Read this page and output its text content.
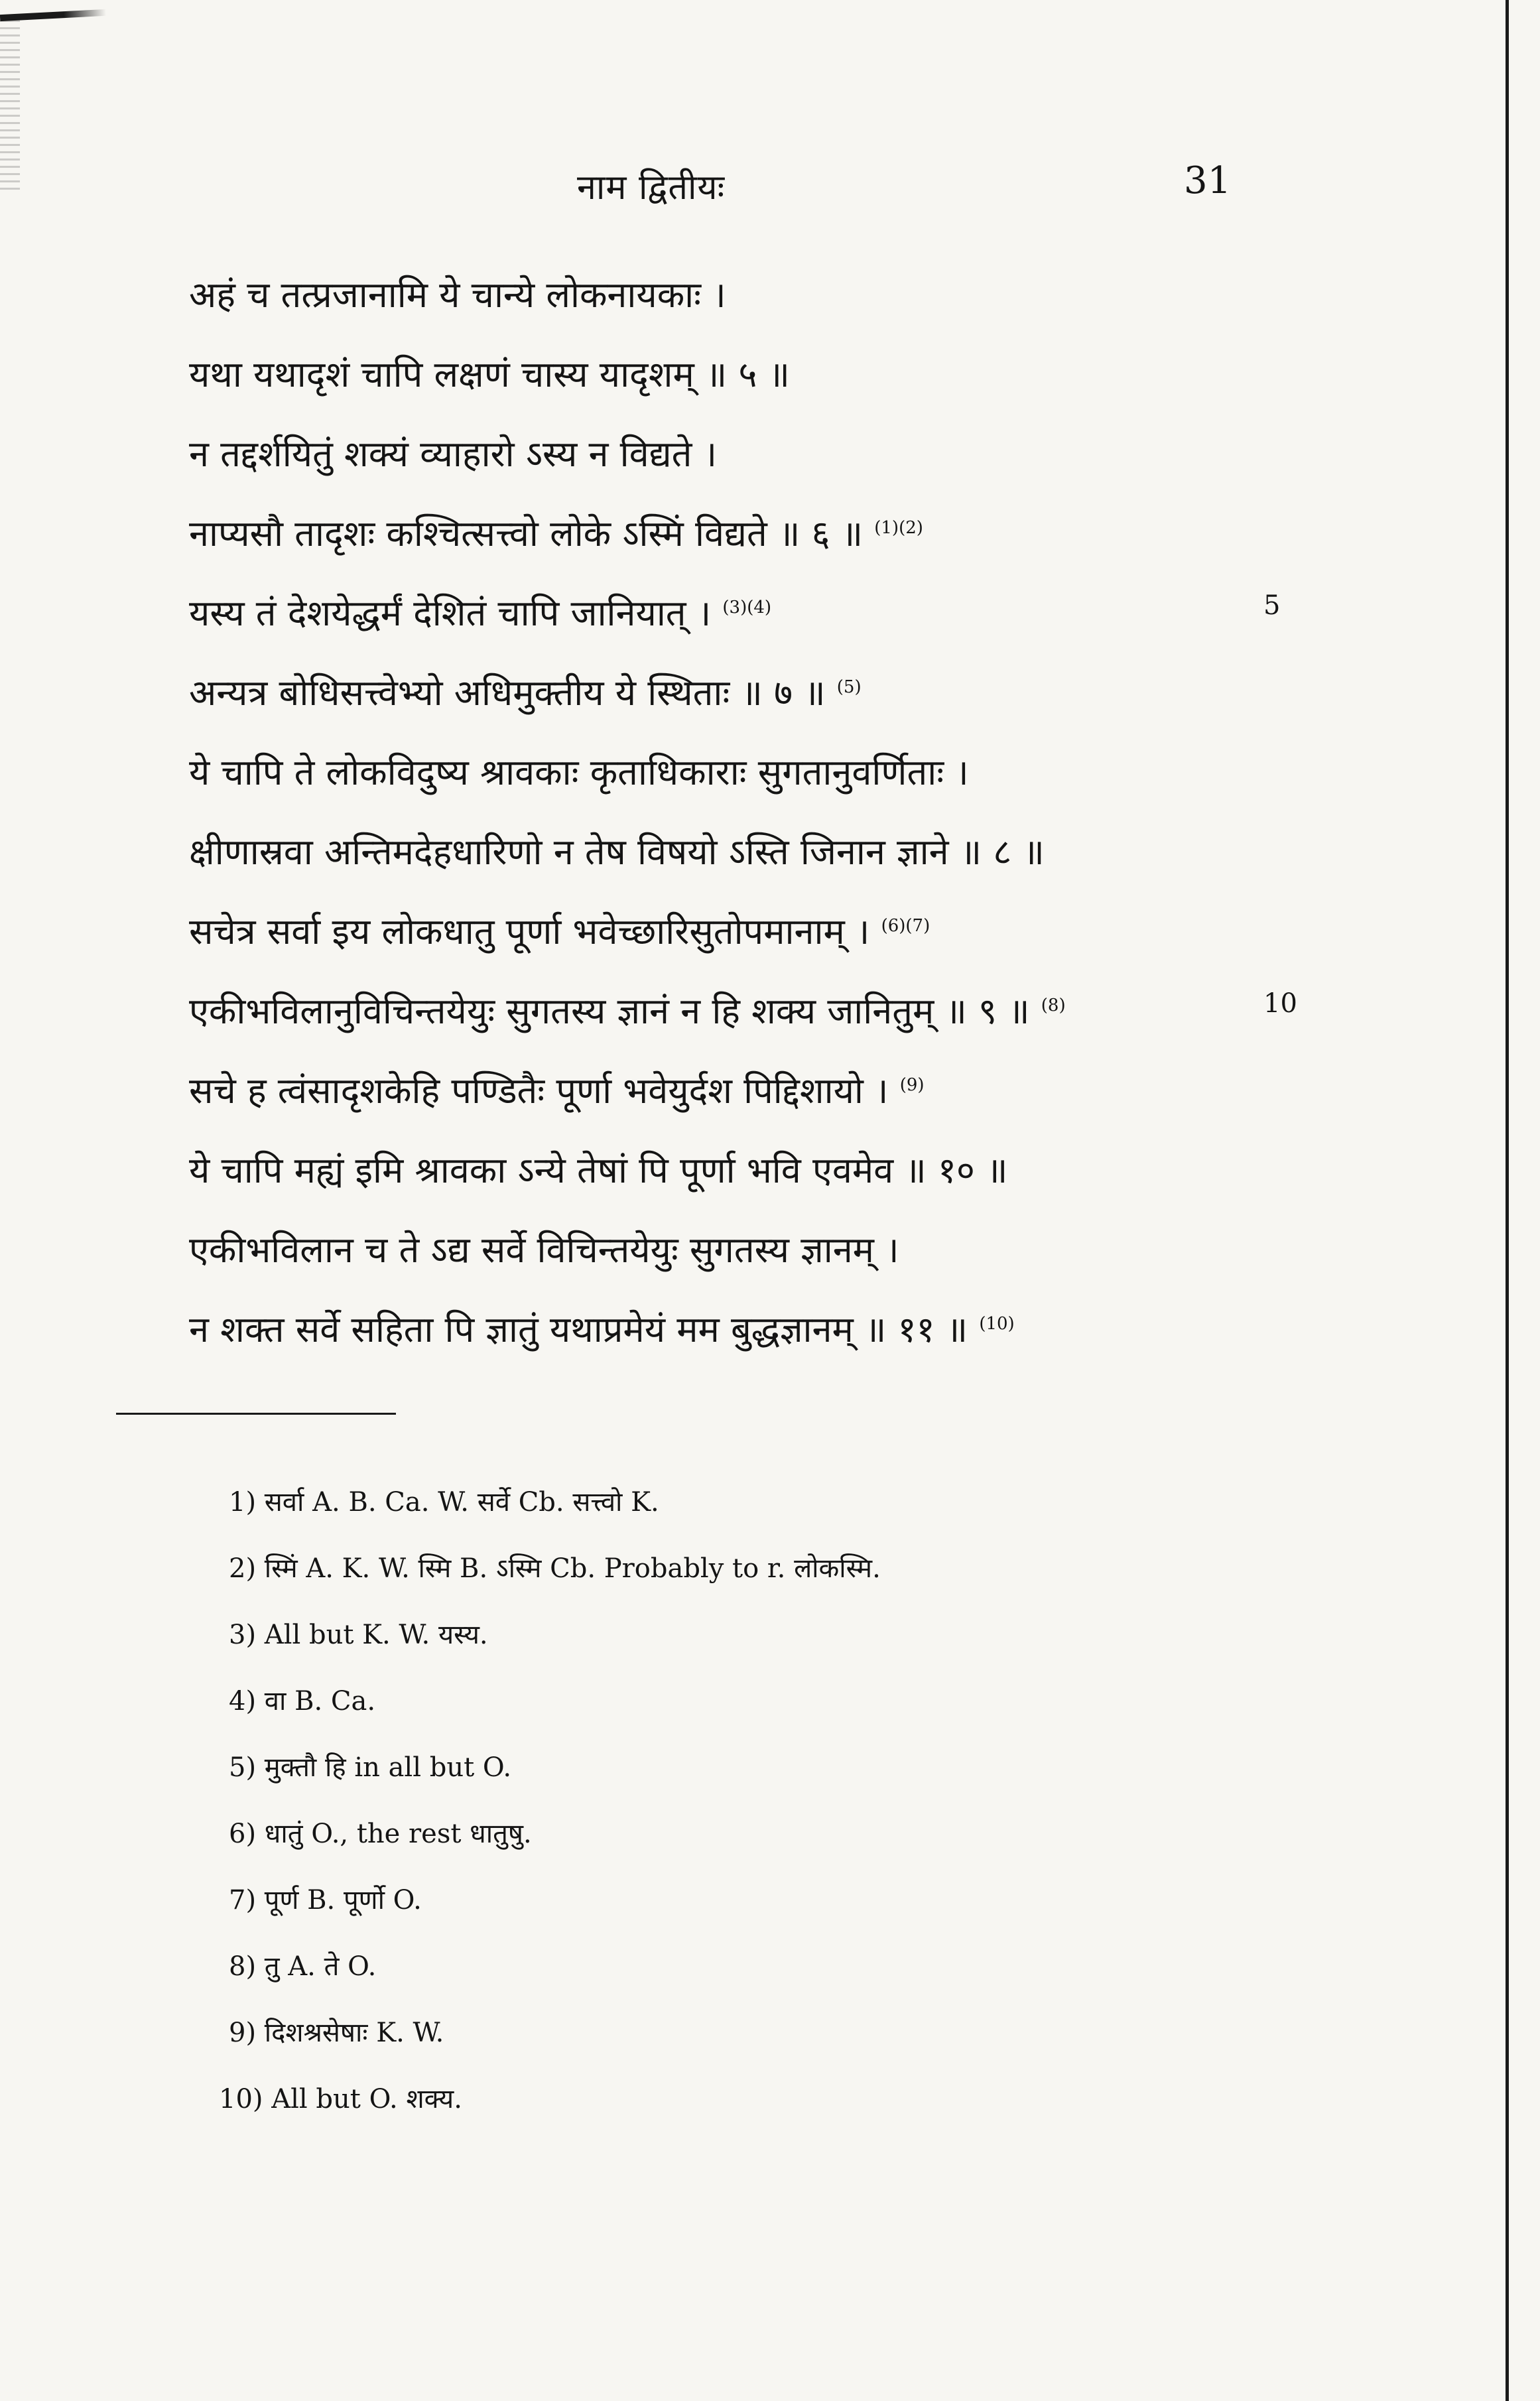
नाम द्वितीयः	31
अहं च तत्प्रजानामि ये चान्ये लोकनायकाः ।
यथा यथादृशं चापि लक्षणं चास्य यादृशम् ॥ ५ ॥
न तद्दर्शयितुं शक्यं व्याहारो ऽस्य न विद्यते ।
नाप्यसौ तादृशः कश्चित्सत्त्वो लोके ऽस्मिं विद्यते ॥ ६ ॥ $^{(1)(2)}$
यस्य तं देशयेद्धर्मं देशितं चापि जानियात् । $^{(3)(4)}$
अन्यत्र बोधिसत्त्वेभ्यो अधिमुक्तीय ये स्थिताः ॥ ७ ॥ $^{(5)}$
ये चापि ते लोकविदुष्य श्रावकाः कृताधिकाराः सुगतानुवर्णिताः ।
क्षीणास्रवा अन्तिमदेहधारिणो न तेष विषयो ऽस्ति जिनान ज्ञाने ॥ ८ ॥
सचेत्र सर्वा इय लोकधातु पूर्णा भवेच्छारिसुतोपमानाम् । $^{(6)(7)}$
एकीभविलानुविचिन्तयेयुः सुगतस्य ज्ञानं न हि शक्य जानितुम् ॥ ९ ॥ $^{(8)}$
सचे ह त्वंसादृशकेहि पण्डितैः पूर्णा भवेयुर्दश पिद्दिशायो । $^{(9)}$
ये चापि मह्यं इमि श्रावका ऽन्ये तेषां पि पूर्णा भवि एवमेव ॥ १० ॥
एकीभविलान च ते ऽद्य सर्वे विचिन्तयेयुः सुगतस्य ज्ञानम् ।
न शक्त सर्वे सहिता पि ज्ञातुं यथाप्रमेयं मम बुद्धज्ञानम् ॥ ११ ॥ $^{(10)}$
5
10
1) सर्वा A. B. Ca. W. सर्वे Cb. सत्त्वो K.
2) स्मिं A. K. W. स्मि B. ऽस्मि Cb. Probably to r. लोकस्मि.
3) All but K. W. यस्य.
4) वा B. Ca.
5) मुक्तौ हि in all but O.
6) धातुं O., the rest धातुषु.
7) पूर्ण B. पूर्णो O.
8) तु A. ते O.
9) दिशश्रसेषाः K. W.
10) All but O. शक्य.
